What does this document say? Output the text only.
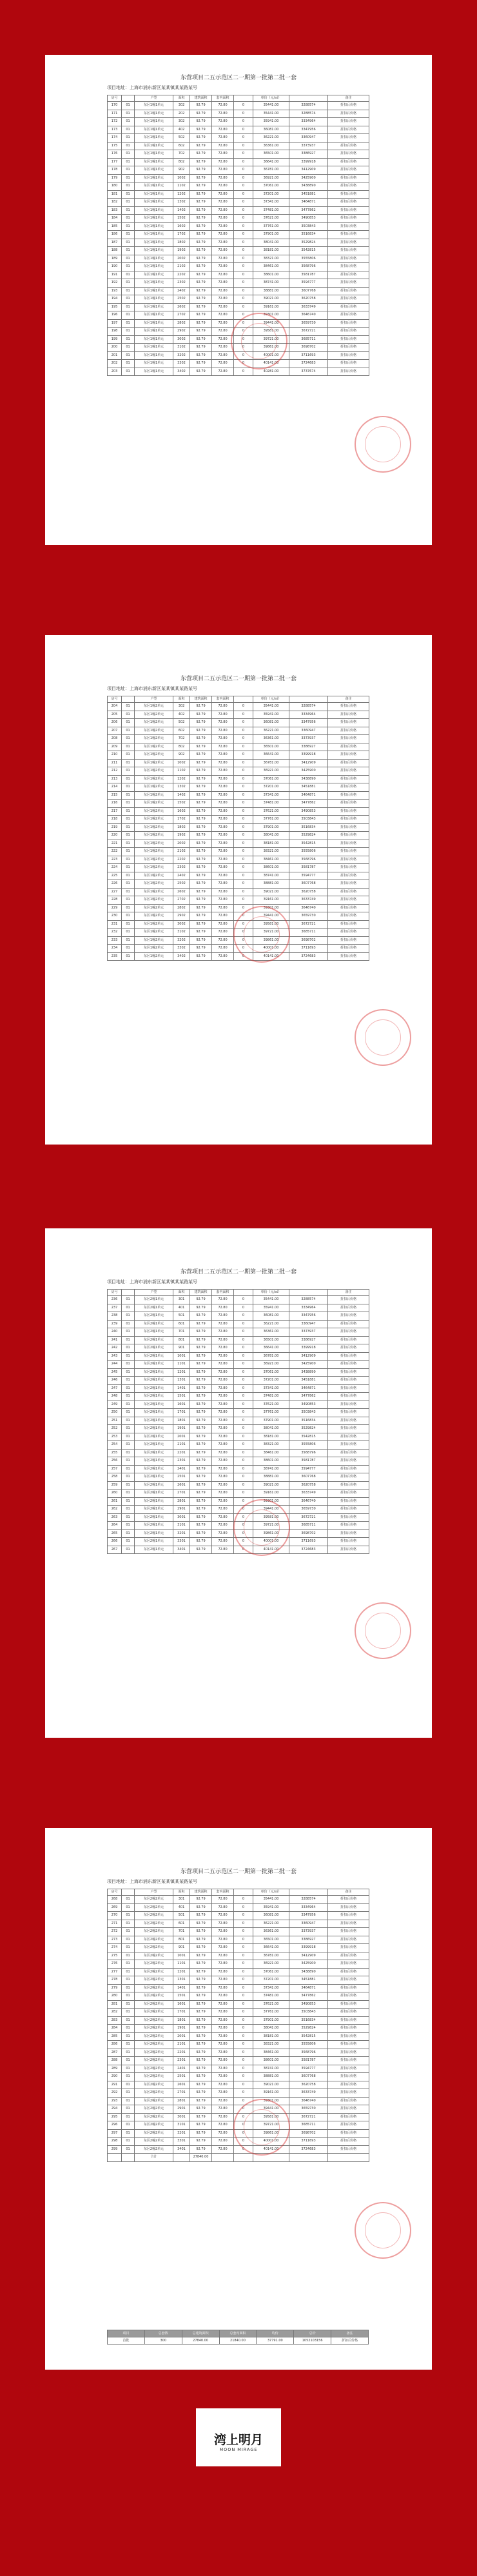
东营项目二五示范区二一期第一批第二批一套
项目地址：上海市浦东新区某某镇某某路某号
房号		户型	面积	建筑面积	套内面积		单价（元/㎡）		备注
170	01	东区1幢1单元	302	92.79	72.80	0	35441.00	3288574	折扣后价格
171	01	东区1幢1单元	202	92.79	72.80	0	35441.00	3288574	折扣后价格
172	01	东区1幢1单元	302	92.79	72.80	0	35941.00	3334964	折扣后价格
173	01	东区1幢1单元	402	92.79	72.80	0	36081.00	3347956	折扣后价格
174	01	东区1幢1单元	502	92.79	72.80	0	36221.00	3360947	折扣后价格
175	01	东区1幢1单元	602	92.79	72.80	0	36361.00	3373937	折扣后价格
176	01	东区1幢1单元	702	92.79	72.80	0	36501.00	3386927	折扣后价格
177	01	东区1幢1单元	802	92.79	72.80	0	36641.00	3399918	折扣后价格
178	01	东区1幢1单元	902	92.79	72.80	0	36781.00	3412909	折扣后价格
179	01	东区1幢1单元	1002	92.79	72.80	0	36921.00	3425900	折扣后价格
180	01	东区1幢1单元	1102	92.79	72.80	0	37061.00	3438890	折扣后价格
181	01	东区1幢1单元	1202	92.79	72.80	0	37201.00	3451881	折扣后价格
182	01	东区1幢1单元	1302	92.79	72.80	0	37341.00	3464871	折扣后价格
183	01	东区1幢1单元	1402	92.79	72.80	0	37481.00	3477862	折扣后价格
184	01	东区1幢1单元	1502	92.79	72.80	0	37621.00	3490853	折扣后价格
185	01	东区1幢1单元	1602	92.79	72.80	0	37761.00	3503843	折扣后价格
186	01	东区1幢1单元	1702	92.79	72.80	0	37901.00	3516834	折扣后价格
187	01	东区1幢1单元	1802	92.79	72.80	0	38041.00	3529824	折扣后价格
188	01	东区1幢1单元	1902	92.79	72.80	0	38181.00	3542815	折扣后价格
189	01	东区1幢1单元	2002	92.79	72.80	0	38321.00	3555806	折扣后价格
190	01	东区1幢1单元	2102	92.79	72.80	0	38461.00	3568796	折扣后价格
191	01	东区1幢1单元	2202	92.79	72.80	0	38601.00	3581787	折扣后价格
192	01	东区1幢1单元	2302	92.79	72.80	0	38741.00	3594777	折扣后价格
193	01	东区1幢1单元	2402	92.79	72.80	0	38881.00	3607768	折扣后价格
194	01	东区1幢1单元	2502	92.79	72.80	0	39021.00	3620758	折扣后价格
195	01	东区1幢1单元	2602	92.79	72.80	0	39161.00	3633749	折扣后价格
196	01	东区1幢1单元	2702	92.79	72.80	0	39301.00	3646740	折扣后价格
197	01	东区1幢1单元	2802	92.79	72.80	0	39441.00	3659730	折扣后价格
198	01	东区1幢1单元	2902	92.79	72.80	0	39581.00	3672721	折扣后价格
199	01	东区1幢1单元	3002	92.79	72.80	0	39721.00	3685711	折扣后价格
200	01	东区1幢1单元	3102	92.79	72.80	0	39861.00	3698702	折扣后价格
201	01	东区1幢1单元	3202	92.79	72.80	0	40001.00	3711693	折扣后价格
202	01	东区1幢1单元	3302	92.79	72.80	0	40141.00	3724683	折扣后价格
203	01	东区1幢1单元	3402	92.79	72.80	0	40281.00	3737674	折扣后价格
东营项目二五示范区二一期第一批第二批一套
项目地址：上海市浦东新区某某镇某某路某号
房号		户型	面积	建筑面积	套内面积		单价（元/㎡）		备注
204	01	东区1幢2单元	302	92.79	72.80	0	35441.00	3288574	折扣后价格
205	01	东区1幢2单元	402	92.79	72.80	0	35941.00	3334964	折扣后价格
206	01	东区1幢2单元	502	92.79	72.80	0	36081.00	3347956	折扣后价格
207	01	东区1幢2单元	602	92.79	72.80	0	36221.00	3360947	折扣后价格
208	01	东区1幢2单元	702	92.79	72.80	0	36361.00	3373937	折扣后价格
209	01	东区1幢2单元	802	92.79	72.80	0	36501.00	3386927	折扣后价格
210	01	东区1幢2单元	902	92.79	72.80	0	36641.00	3399918	折扣后价格
211	01	东区1幢2单元	1002	92.79	72.80	0	36781.00	3412909	折扣后价格
212	01	东区1幢2单元	1102	92.79	72.80	0	36921.00	3425900	折扣后价格
213	01	东区1幢2单元	1202	92.79	72.80	0	37061.00	3438890	折扣后价格
214	01	东区1幢2单元	1302	92.79	72.80	0	37201.00	3451881	折扣后价格
215	01	东区1幢2单元	1402	92.79	72.80	0	37341.00	3464871	折扣后价格
216	01	东区1幢2单元	1502	92.79	72.80	0	37481.00	3477862	折扣后价格
217	01	东区1幢2单元	1602	92.79	72.80	0	37621.00	3490853	折扣后价格
218	01	东区1幢2单元	1702	92.79	72.80	0	37761.00	3503843	折扣后价格
219	01	东区1幢2单元	1802	92.79	72.80	0	37901.00	3516834	折扣后价格
220	01	东区1幢2单元	1902	92.79	72.80	0	38041.00	3529824	折扣后价格
221	01	东区1幢2单元	2002	92.79	72.80	0	38181.00	3542815	折扣后价格
222	01	东区1幢2单元	2102	92.79	72.80	0	38321.00	3555806	折扣后价格
223	01	东区1幢2单元	2202	92.79	72.80	0	38461.00	3568796	折扣后价格
224	01	东区1幢2单元	2302	92.79	72.80	0	38601.00	3581787	折扣后价格
225	01	东区1幢2单元	2402	92.79	72.80	0	38741.00	3594777	折扣后价格
226	01	东区1幢2单元	2502	92.79	72.80	0	38881.00	3607768	折扣后价格
227	01	东区1幢2单元	2602	92.79	72.80	0	39021.00	3620758	折扣后价格
228	01	东区1幢2单元	2702	92.79	72.80	0	39161.00	3633749	折扣后价格
229	01	东区1幢2单元	2802	92.79	72.80	0	39301.00	3646740	折扣后价格
230	01	东区1幢2单元	2902	92.79	72.80	0	39441.00	3659730	折扣后价格
231	01	东区1幢2单元	3002	92.79	72.80	0	39581.00	3672721	折扣后价格
232	01	东区1幢2单元	3102	92.79	72.80	0	39721.00	3685711	折扣后价格
233	01	东区1幢2单元	3202	92.79	72.80	0	39861.00	3698702	折扣后价格
234	01	东区1幢2单元	3302	92.79	72.80	0	40001.00	3711693	折扣后价格
235	01	东区1幢2单元	3402	92.79	72.80	0	40141.00	3724683	折扣后价格
东营项目二五示范区二一期第一批第二批一套
项目地址：上海市浦东新区某某镇某某路某号
房号		户型	面积	建筑面积	套内面积		单价（元/㎡）		备注
236	01	东区2幢1单元	301	92.79	72.80	0	35441.00	3288574	折扣后价格
237	01	东区2幢1单元	401	92.79	72.80	0	35941.00	3334964	折扣后价格
238	01	东区2幢1单元	501	92.79	72.80	0	36081.00	3347956	折扣后价格
239	01	东区2幢1单元	601	92.79	72.80	0	36221.00	3360947	折扣后价格
240	01	东区2幢1单元	701	92.79	72.80	0	36361.00	3373937	折扣后价格
241	01	东区2幢1单元	801	92.79	72.80	0	36501.00	3386927	折扣后价格
242	01	东区2幢1单元	901	92.79	72.80	0	36641.00	3399918	折扣后价格
243	01	东区2幢1单元	1001	92.79	72.80	0	36781.00	3412909	折扣后价格
244	01	东区2幢1单元	1101	92.79	72.80	0	36921.00	3425900	折扣后价格
245	01	东区2幢1单元	1201	92.79	72.80	0	37061.00	3438890	折扣后价格
246	01	东区2幢1单元	1301	92.79	72.80	0	37201.00	3451881	折扣后价格
247	01	东区2幢1单元	1401	92.79	72.80	0	37341.00	3464871	折扣后价格
248	01	东区2幢1单元	1501	92.79	72.80	0	37481.00	3477862	折扣后价格
249	01	东区2幢1单元	1601	92.79	72.80	0	37621.00	3490853	折扣后价格
250	01	东区2幢1单元	1701	92.79	72.80	0	37761.00	3503843	折扣后价格
251	01	东区2幢1单元	1801	92.79	72.80	0	37901.00	3516834	折扣后价格
252	01	东区2幢1单元	1901	92.79	72.80	0	38041.00	3529824	折扣后价格
253	01	东区2幢1单元	2001	92.79	72.80	0	38181.00	3542815	折扣后价格
254	01	东区2幢1单元	2101	92.79	72.80	0	38321.00	3555806	折扣后价格
255	01	东区2幢1单元	2201	92.79	72.80	0	38461.00	3568796	折扣后价格
256	01	东区2幢1单元	2301	92.79	72.80	0	38601.00	3581787	折扣后价格
257	01	东区2幢1单元	2401	92.79	72.80	0	38741.00	3594777	折扣后价格
258	01	东区2幢1单元	2501	92.79	72.80	0	38881.00	3607768	折扣后价格
259	01	东区2幢1单元	2601	92.79	72.80	0	39021.00	3620758	折扣后价格
260	01	东区2幢1单元	2701	92.79	72.80	0	39161.00	3633749	折扣后价格
261	01	东区2幢1单元	2801	92.79	72.80	0	39301.00	3646740	折扣后价格
262	01	东区2幢1单元	2901	92.79	72.80	0	39441.00	3659730	折扣后价格
263	01	东区2幢1单元	3001	92.79	72.80	0	39581.00	3672721	折扣后价格
264	01	东区2幢1单元	3101	92.79	72.80	0	39721.00	3685711	折扣后价格
265	01	东区2幢1单元	3201	92.79	72.80	0	39861.00	3698702	折扣后价格
266	01	东区2幢1单元	3301	92.79	72.80	0	40001.00	3711693	折扣后价格
267	01	东区2幢1单元	3401	92.79	72.80	0	40141.00	3724683	折扣后价格
东营项目二五示范区二一期第一批第二批一套
项目地址：上海市浦东新区某某镇某某路某号
房号		户型	面积	建筑面积	套内面积		单价（元/㎡）		备注
268	01	东区2幢2单元	301	92.79	72.80	0	35441.00	3288574	折扣后价格
269	01	东区2幢2单元	401	92.79	72.80	0	35941.00	3334964	折扣后价格
270	01	东区2幢2单元	501	92.79	72.80	0	36081.00	3347956	折扣后价格
271	01	东区2幢2单元	601	92.79	72.80	0	36221.00	3360947	折扣后价格
272	01	东区2幢2单元	701	92.79	72.80	0	36361.00	3373937	折扣后价格
273	01	东区2幢2单元	801	92.79	72.80	0	36501.00	3386927	折扣后价格
274	01	东区2幢2单元	901	92.79	72.80	0	36641.00	3399918	折扣后价格
275	01	东区2幢2单元	1001	92.79	72.80	0	36781.00	3412909	折扣后价格
276	01	东区2幢2单元	1101	92.79	72.80	0	36921.00	3425900	折扣后价格
277	01	东区2幢2单元	1201	92.79	72.80	0	37061.00	3438890	折扣后价格
278	01	东区2幢2单元	1301	92.79	72.80	0	37201.00	3451881	折扣后价格
279	01	东区2幢2单元	1401	92.79	72.80	0	37341.00	3464871	折扣后价格
280	01	东区2幢2单元	1501	92.79	72.80	0	37481.00	3477862	折扣后价格
281	01	东区2幢2单元	1601	92.79	72.80	0	37621.00	3490853	折扣后价格
282	01	东区2幢2单元	1701	92.79	72.80	0	37761.00	3503843	折扣后价格
283	01	东区2幢2单元	1801	92.79	72.80	0	37901.00	3516834	折扣后价格
284	01	东区2幢2单元	1901	92.79	72.80	0	38041.00	3529824	折扣后价格
285	01	东区2幢2单元	2001	92.79	72.80	0	38181.00	3542815	折扣后价格
286	01	东区2幢2单元	2101	92.79	72.80	0	38321.00	3555806	折扣后价格
287	01	东区2幢2单元	2201	92.79	72.80	0	38461.00	3568796	折扣后价格
288	01	东区2幢2单元	2301	92.79	72.80	0	38601.00	3581787	折扣后价格
289	01	东区2幢2单元	2401	92.79	72.80	0	38741.00	3594777	折扣后价格
290	01	东区2幢2单元	2501	92.79	72.80	0	38881.00	3607768	折扣后价格
291	01	东区2幢2单元	2601	92.79	72.80	0	39021.00	3620758	折扣后价格
292	01	东区2幢2单元	2701	92.79	72.80	0	39161.00	3633749	折扣后价格
293	01	东区2幢2单元	2801	92.79	72.80	0	39301.00	3646740	折扣后价格
294	01	东区2幢2单元	2901	92.79	72.80	0	39441.00	3659730	折扣后价格
295	01	东区2幢2单元	3001	92.79	72.80	0	39581.00	3672721	折扣后价格
296	01	东区2幢2单元	3101	92.79	72.80	0	39721.00	3685711	折扣后价格
297	01	东区2幢2单元	3201	92.79	72.80	0	39861.00	3698702	折扣后价格
298	01	东区2幢2单元	3301	92.79	72.80	0	40001.00	3711693	折扣后价格
299	01	东区2幢2单元	3401	92.79	72.80	0	40141.00	3724683	折扣后价格
		合计		27840.00					
项目	总套数	总建筑面积	总套内面积	均价	总价	备注
首批	300	27840.00	21840.00	37791.00	1052103156	折扣后价格
湾上明月
MOON MIRAGE
